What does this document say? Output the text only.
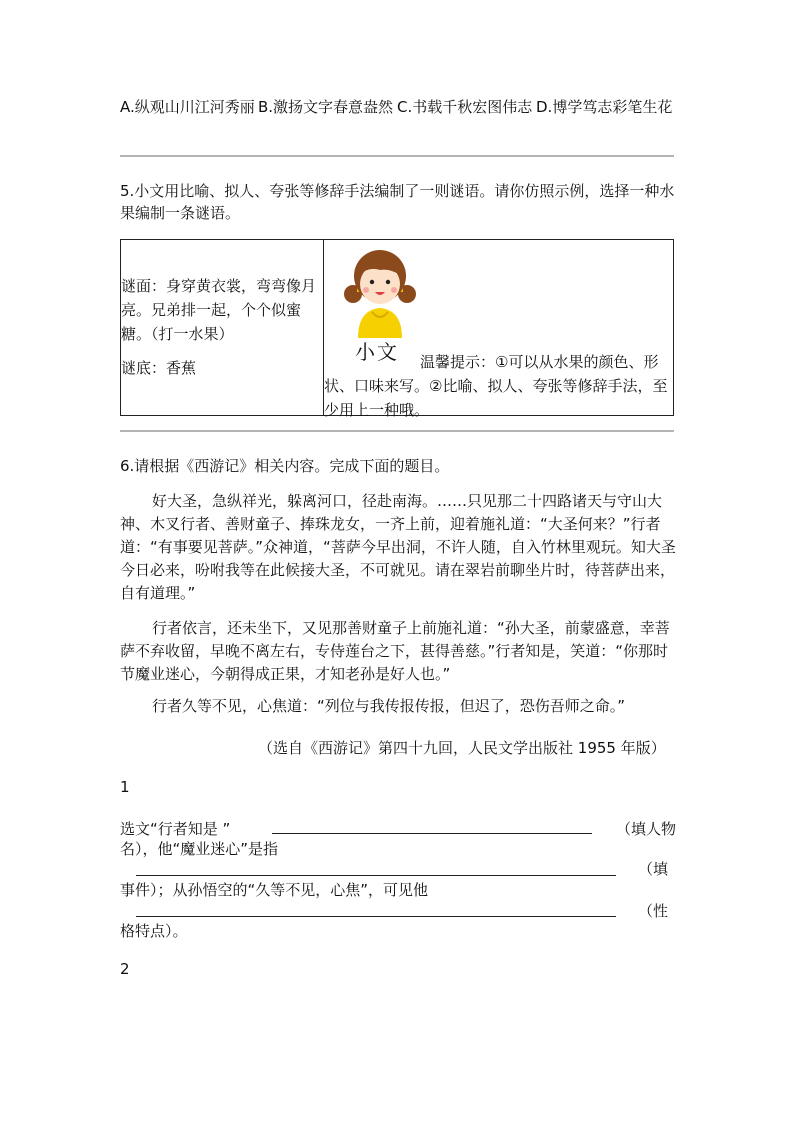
A.纵观山川江河秀丽 B.激扬文字春意盎然 C.书载千秋宏图伟志 D.博学笃志彩笔生花
5.小文用比喻、拟人、夸张等修辞手法编制了一则谜语。请你仿照示例，选择一种水果编制一条谜语。
谜面：身穿黄衣裳，弯弯像月亮。兄弟排一起，个个似蜜糖。（打一水果）
谜底：香蕉

小文	温馨提示：①可以从水果的颜色、形状、口味来写。②比喻、拟人、夸张等修辞手法，至少用上一种哦。
6.请根据《西游记》相关内容。完成下面的题目。
好大圣，急纵祥光，躲离河口，径赴南海。……只见那二十四路诸天与守山大神、木叉行者、善财童子、捧珠龙女，一齐上前，迎着施礼道：“大圣何来？”行者道：“有事要见菩萨。”众神道，“菩萨今早出洞，不许人随，自入竹林里观玩。知大圣今日必来，吩咐我等在此候接大圣，不可就见。请在翠岩前聊坐片时，待菩萨出来，自有道理。”
行者依言，还未坐下，又见那善财童子上前施礼道：“孙大圣，前蒙盛意，幸菩萨不弃收留，早晚不离左右，专侍莲台之下，甚得善慈。”行者知是，笑道：“你那时节魔业迷心，今朝得成正果，才知老孙是好人也。”
行者久等不见，心焦道：“列位与我传报传报，但迟了，恐伤吾师之命。”
（选自《西游记》第四十九回，人民文学出版社 1955 年版）
1
选文“行者知是 ”	（填人物
名），他“魔业迷心”是指
（填
事件）；从孙悟空的“久等不见，心焦”，可见他
（性
格特点）。
2
